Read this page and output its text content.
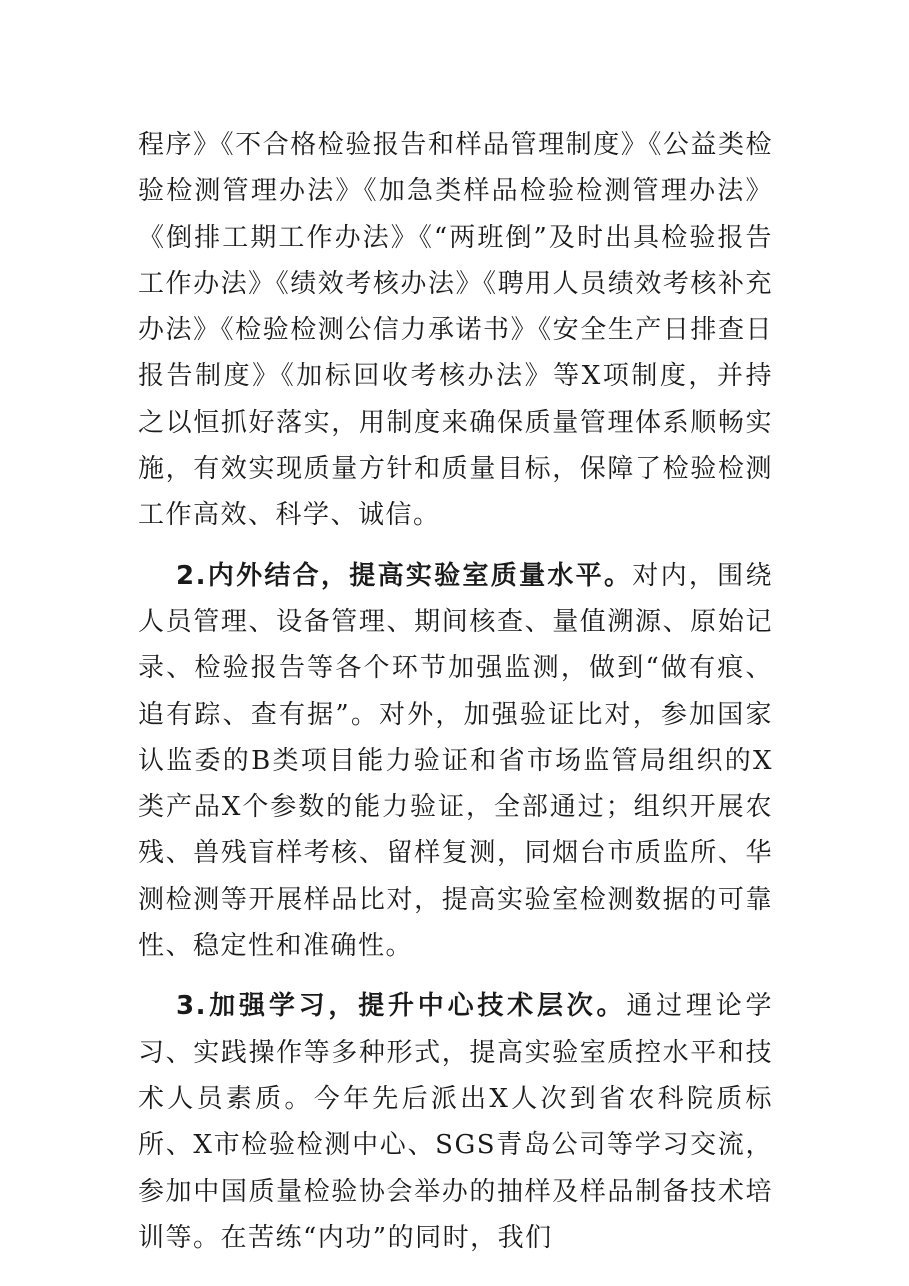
程序》《不合格检验报告和样品管理制度》《公益类检验检测管理办法》《加急类样品检验检测管理办法》《倒排工期工作办法》《“两班倒”及时出具检验报告工作办法》《绩效考核办法》《聘用人员绩效考核补充办法》《检验检测公信力承诺书》《安全生产日排查日报告制度》《加标回收考核办法》等X项制度，并持之以恒抓好落实，用制度来确保质量管理体系顺畅实施，有效实现质量方针和质量目标，保障了检验检测工作高效、科学、诚信。

2.内外结合，提高实验室质量水平。对内，围绕人员管理、设备管理、期间核查、量值溯源、原始记录、检验报告等各个环节加强监测，做到“做有痕、追有踪、查有据”。对外，加强验证比对，参加国家认监委的B类项目能力验证和省市场监管局组织的X类产品X个参数的能力验证，全部通过；组织开展农残、兽残盲样考核、留样复测，同烟台市质监所、华测检测等开展样品比对，提高实验室检测数据的可靠性、稳定性和准确性。

3.加强学习，提升中心技术层次。通过理论学习、实践操作等多种形式，提高实验室质控水平和技术人员素质。今年先后派出X人次到省农科院质标所、X市检验检测中心、SGS青岛公司等学习交流，参加中国质量检验协会举办的抽样及样品制备技术培训等。在苦练“内功”的同时，我们
